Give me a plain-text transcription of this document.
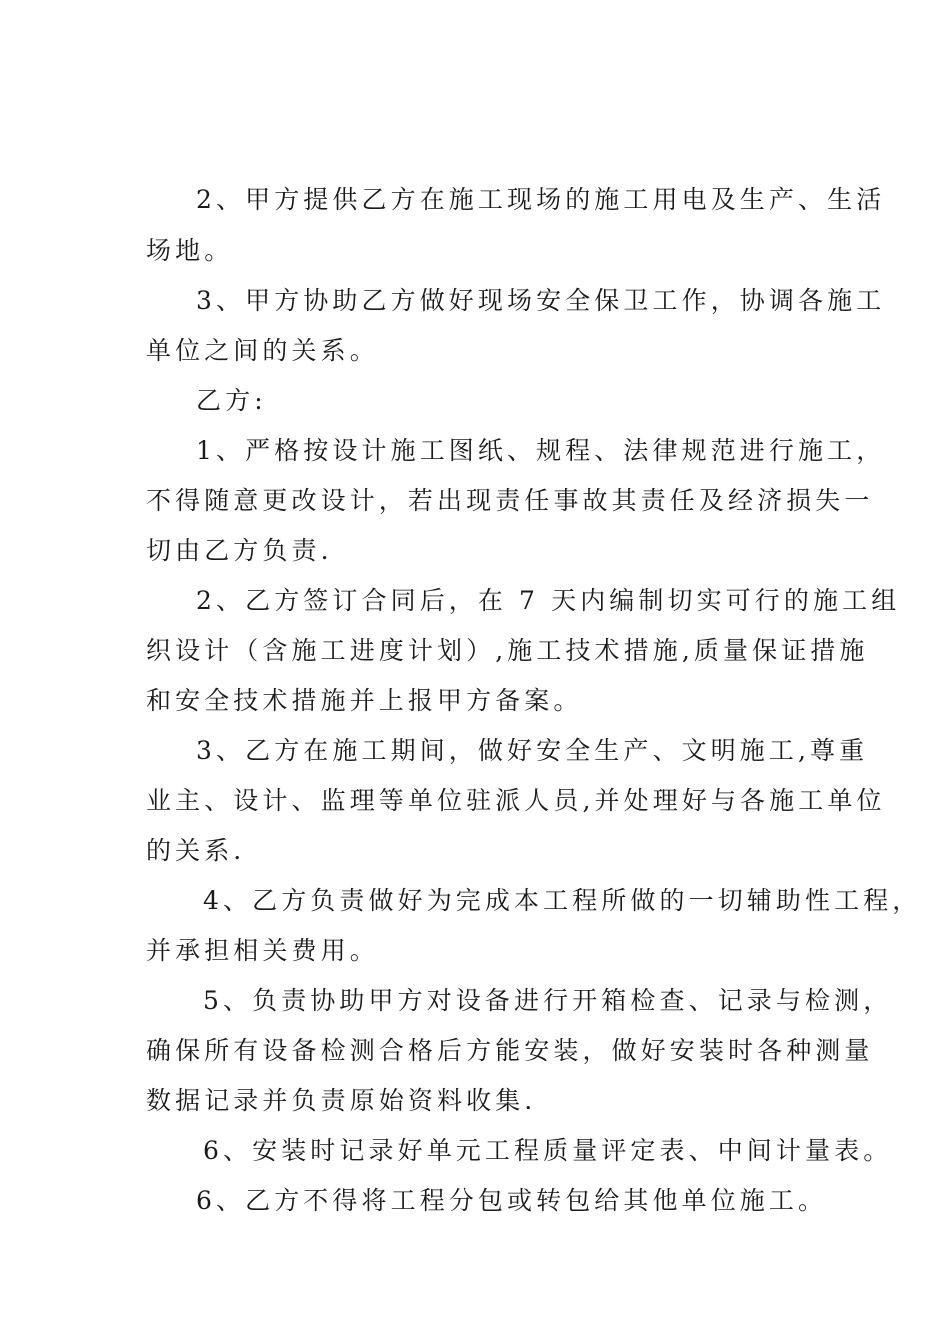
2、甲方提供乙方在施工现场的施工用电及生产、生活
场地。
3、甲方协助乙方做好现场安全保卫工作，协调各施工
单位之间的关系。
乙方:
1、严格按设计施工图纸、规程、法律规范进行施工，
不得随意更改设计，若出现责任事故其责任及经济损失一
切由乙方负责.
2、乙方签订合同后，在 7 天内编制切实可行的施工组
织设计（含施工进度计划）,施工技术措施,质量保证措施
和安全技术措施并上报甲方备案。
3、乙方在施工期间，做好安全生产、文明施工,尊重
业主、设计、监理等单位驻派人员,并处理好与各施工单位
的关系.
4、乙方负责做好为完成本工程所做的一切辅助性工程，
并承担相关费用。
5、负责协助甲方对设备进行开箱检查、记录与检测，
确保所有设备检测合格后方能安装，做好安装时各种测量
数据记录并负责原始资料收集.
6、安装时记录好单元工程质量评定表、中间计量表。
6、乙方不得将工程分包或转包给其他单位施工。
